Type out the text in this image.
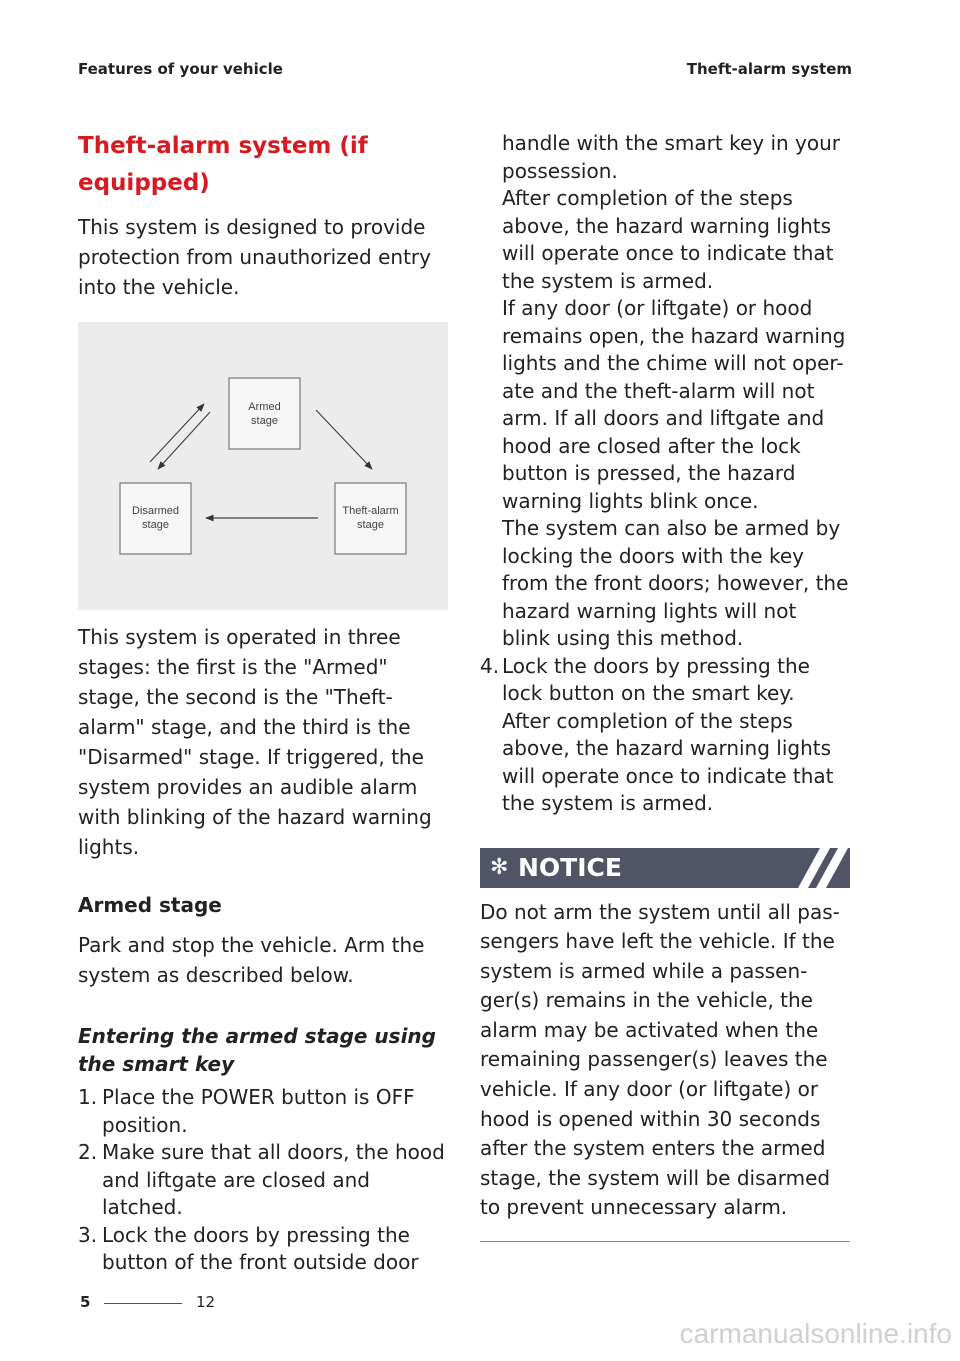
Features of your vehicle	Theft-alarm system
Theft-alarm system (if
equipped)

This system is designed to provide protection from unauthorized entry into the vehicle.

Armed
stage
Disarmed
stage
Theft-alarm
stage

This system is operated in three stages: the first is the "Armed" stage, the second is the "Theft-alarm" stage, and the third is the "Disarmed" stage. If triggered, the system provides an audible alarm with blinking of the hazard warning lights.

Armed stage

Park and stop the vehicle. Arm the system as described below.

Entering the armed stage using the smart key
1. Place the POWER button is OFF position.
2. Make sure that all doors, the hood and liftgate are closed and latched.
3. Lock the doors by pressing the button of the front outside door

handle with the smart key in your possession.

After completion of the steps above, the hazard warning lights will operate once to indicate that the system is armed.

If any door (or liftgate) or hood remains open, the hazard warning lights and the chime will not oper-ate and the theft-alarm will not arm. If all doors and liftgate and hood are closed after the lock button is pressed, the hazard warning lights blink once.

The system can also be armed by locking the doors with the key from the front doors; however, the hazard warning lights will not blink using this method.

4. Lock the doors by pressing the lock button on the smart key.

After completion of the steps above, the hazard warning lights will operate once to indicate that the system is armed.

✻ NOTICE

Do not arm the system until all pas-sengers have left the vehicle. If the system is armed while a passen-ger(s) remains in the vehicle, the alarm may be activated when the remaining passenger(s) leaves the vehicle. If any door (or liftgate) or hood is opened within 30 seconds after the system enters the armed stage, the system will be disarmed to prevent unnecessary alarm.

5	12
carmanualsonline.info
